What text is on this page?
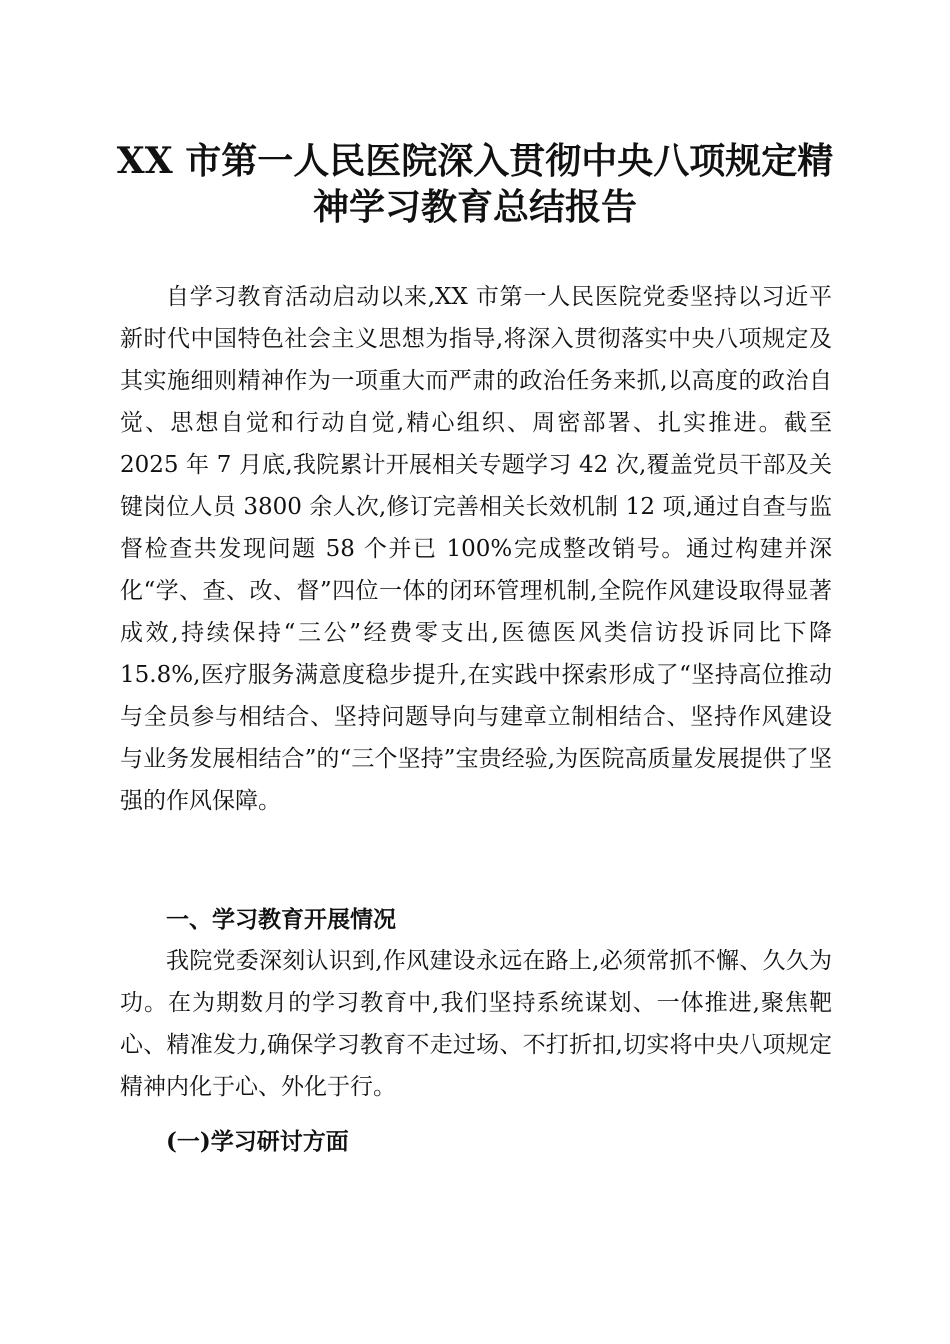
XX 市第一人民医院深入贯彻中央八项规定精
神学习教育总结报告

自学习教育活动启动以来,XX 市第一人民医院党委坚持以习近平新时代中国特色社会主义思想为指导,将深入贯彻落实中央八项规定及其实施细则精神作为一项重大而严肃的政治任务来抓,以高度的政治自觉、思想自觉和行动自觉,精心组织、周密部署、扎实推进。截至 2025 年 7 月底,我院累计开展相关专题学习 42 次,覆盖党员干部及关键岗位人员 3800 余人次,修订完善相关长效机制 12 项,通过自查与监督检查共发现问题 58 个并已 100%完成整改销号。通过构建并深化“学、查、改、督”四位一体的闭环管理机制,全院作风建设取得显著成效,持续保持“三公”经费零支出,医德医风类信访投诉同比下降 15.8%,医疗服务满意度稳步提升,在实践中探索形成了“坚持高位推动与全员参与相结合、坚持问题导向与建章立制相结合、坚持作风建设与业务发展相结合”的“三个坚持”宝贵经验,为医院高质量发展提供了坚强的作风保障。

一、学习教育开展情况

我院党委深刻认识到,作风建设永远在路上,必须常抓不懈、久久为功。在为期数月的学习教育中,我们坚持系统谋划、一体推进,聚焦靶心、精准发力,确保学习教育不走过场、不打折扣,切实将中央八项规定精神内化于心、外化于行。

(一)学习研讨方面
